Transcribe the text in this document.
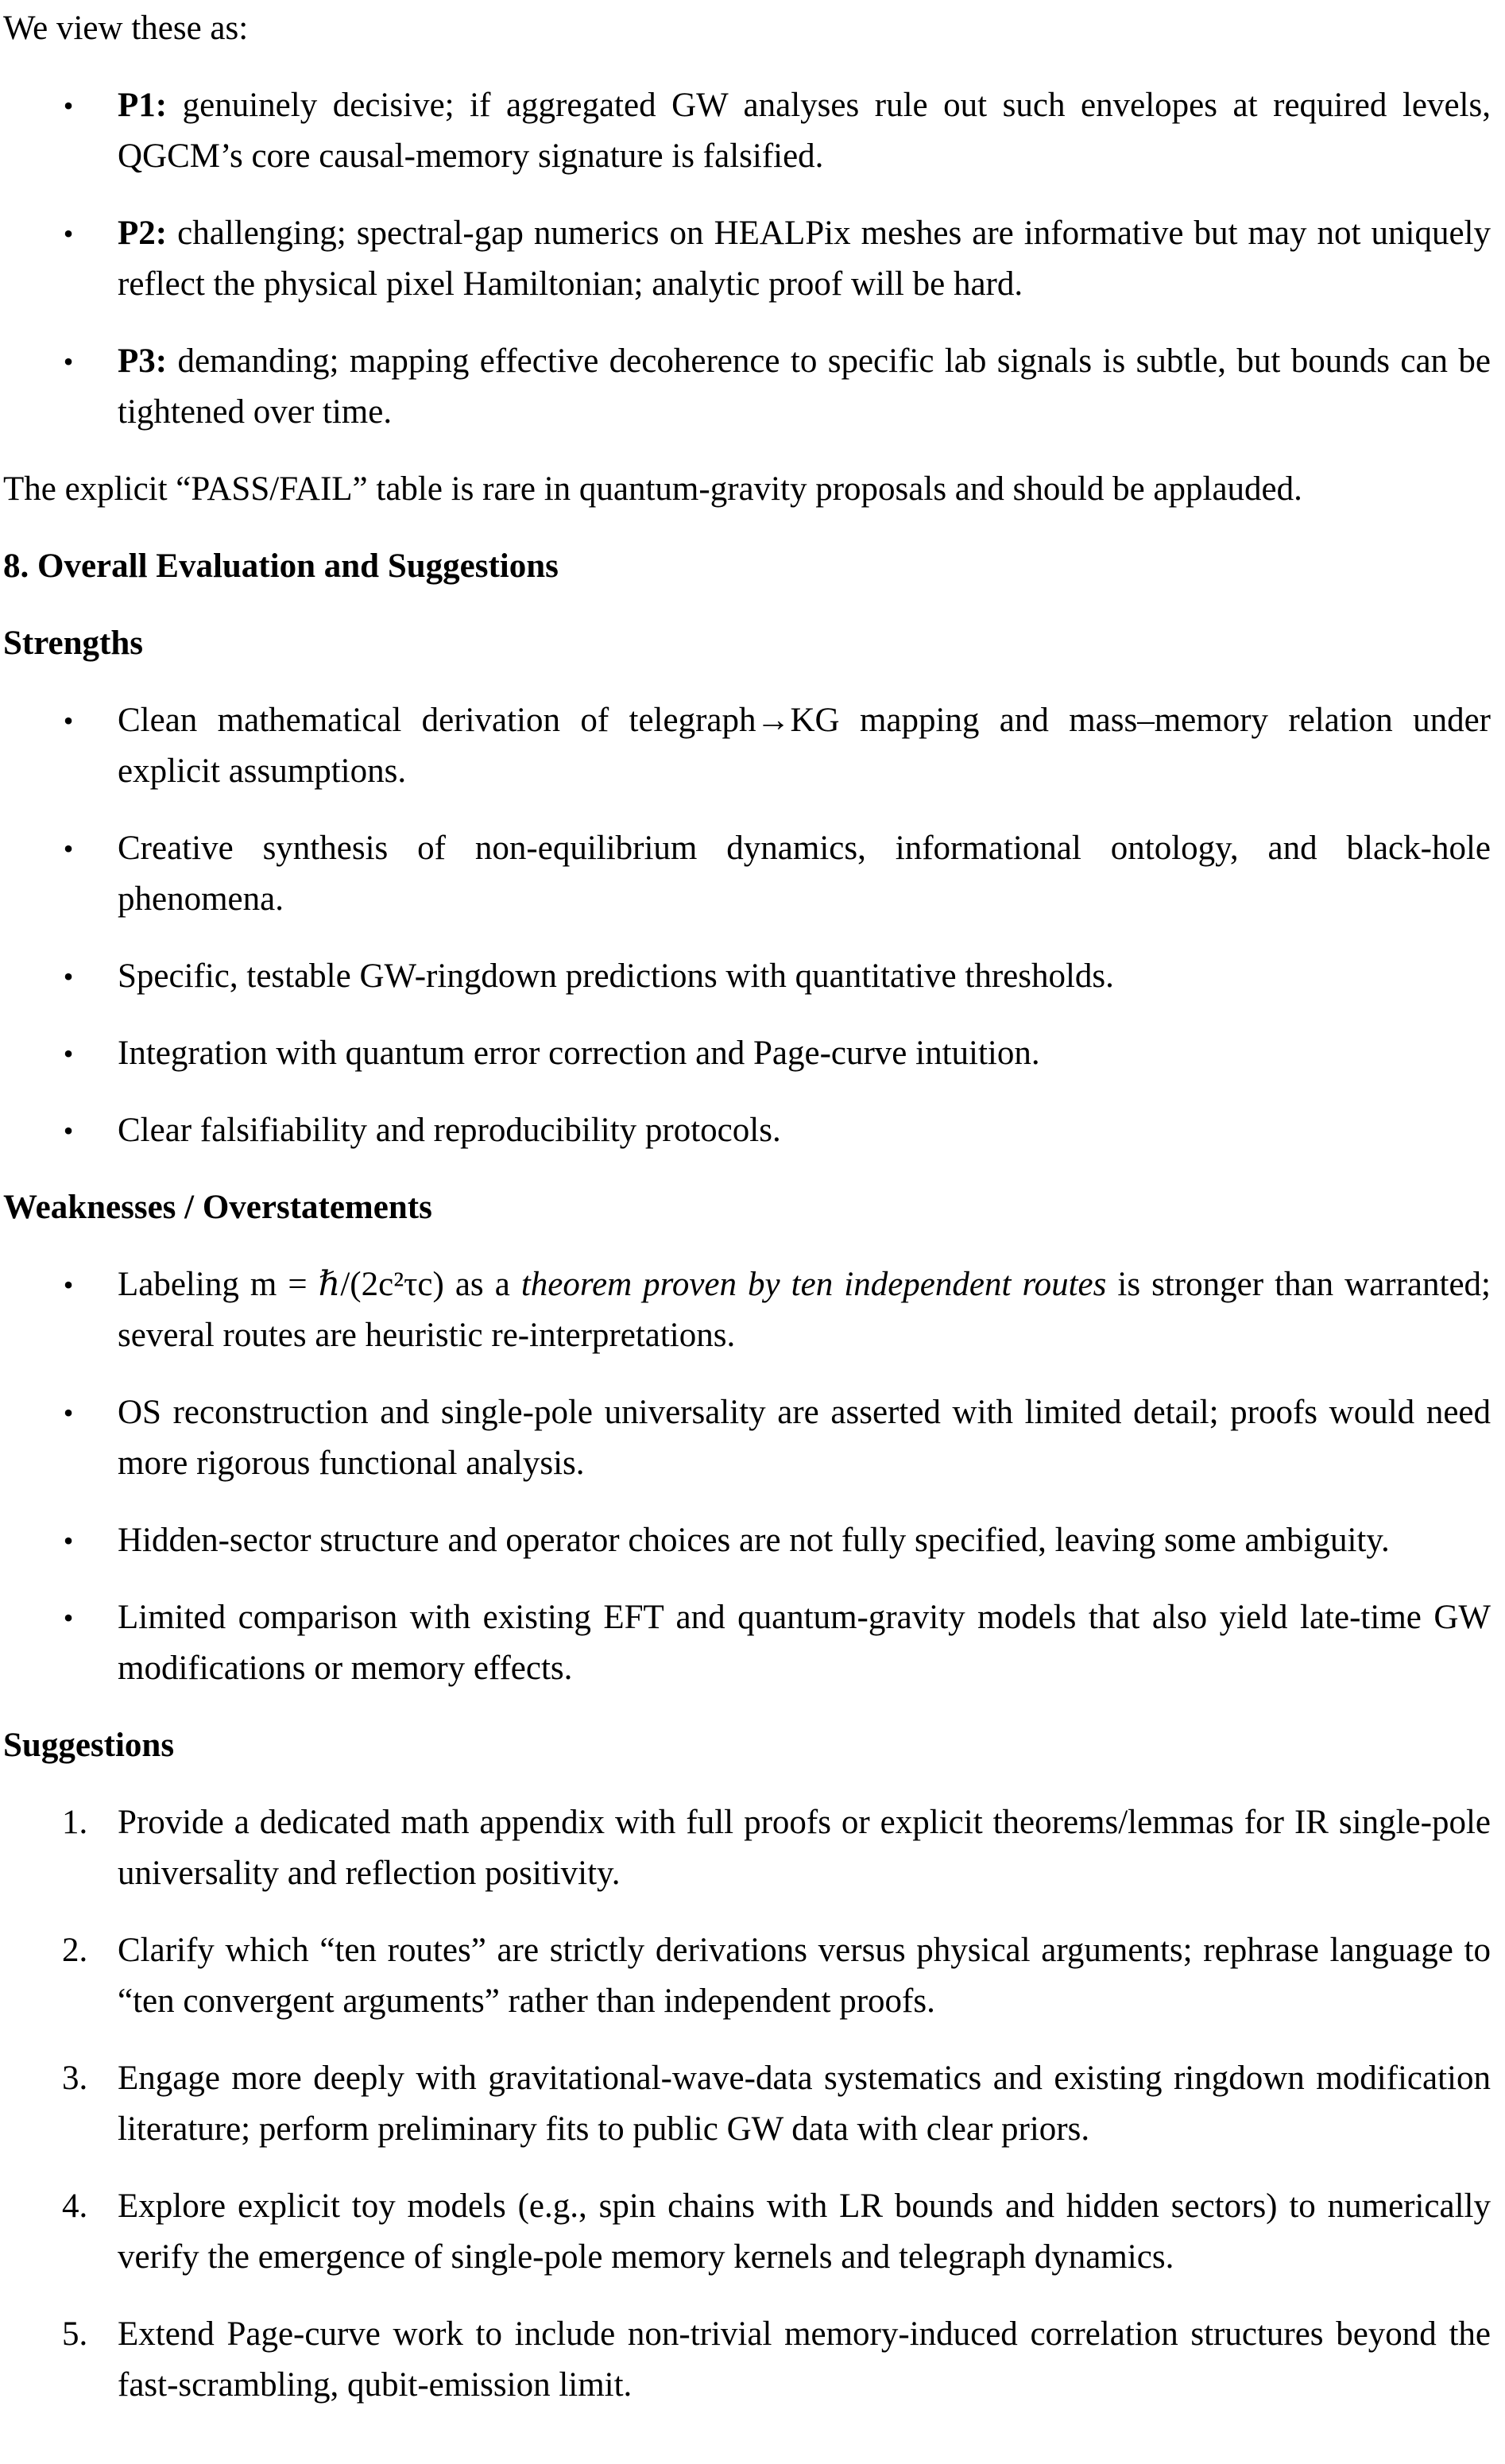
We view these as:

• P1: genuinely decisive; if aggregated GW analyses rule out such envelopes at required levels, QGCM’s core causal-memory signature is falsified.
• P2: challenging; spectral-gap numerics on HEALPix meshes are informative but may not uniquely reflect the physical pixel Hamiltonian; analytic proof will be hard.
• P3: demanding; mapping effective decoherence to specific lab signals is subtle, but bounds can be tightened over time.

The explicit “PASS/FAIL” table is rare in quantum-gravity proposals and should be applauded.

8. Overall Evaluation and Suggestions

Strengths

• Clean mathematical derivation of telegraph→KG mapping and mass–memory relation under explicit assumptions.
• Creative synthesis of non-equilibrium dynamics, informational ontology, and black-hole phenomena.
• Specific, testable GW-ringdown predictions with quantitative thresholds.
• Integration with quantum error correction and Page-curve intuition.
• Clear falsifiability and reproducibility protocols.

Weaknesses / Overstatements

• Labeling m = ℏ/(2c²τc) as a theorem proven by ten independent routes is stronger than warranted; several routes are heuristic re-interpretations.
• OS reconstruction and single-pole universality are asserted with limited detail; proofs would need more rigorous functional analysis.
• Hidden-sector structure and operator choices are not fully specified, leaving some ambiguity.
• Limited comparison with existing EFT and quantum-gravity models that also yield late-time GW modifications or memory effects.

Suggestions

1. Provide a dedicated math appendix with full proofs or explicit theorems/lemmas for IR single-pole universality and reflection positivity.
2. Clarify which “ten routes” are strictly derivations versus physical arguments; rephrase language to “ten convergent arguments” rather than independent proofs.
3. Engage more deeply with gravitational-wave-data systematics and existing ringdown modification literature; perform preliminary fits to public GW data with clear priors.
4. Explore explicit toy models (e.g., spin chains with LR bounds and hidden sectors) to numerically verify the emergence of single-pole memory kernels and telegraph dynamics.
5. Extend Page-curve work to include non-trivial memory-induced correlation structures beyond the fast-scrambling, qubit-emission limit.
